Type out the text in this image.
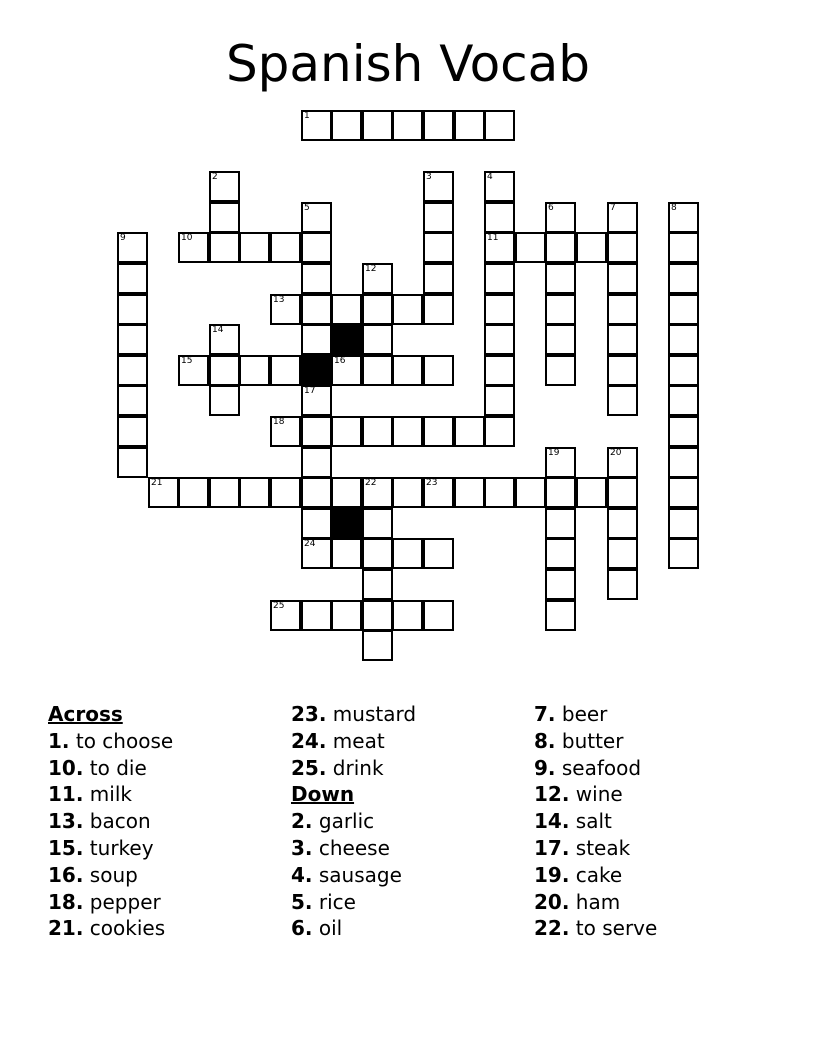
Spanish Vocab
1
10	11
13
15	16
18
21	22	23
24
25
2	3	4
5	6	7	8
9
12
14
17
19	20
Across
1. to choose
10. to die
11. milk
13. bacon
15. turkey
16. soup
18. pepper
21. cookies
23. mustard
24. meat
25. drink
Down
2. garlic
3. cheese
4. sausage
5. rice
6. oil
7. beer
8. butter
9. seafood
12. wine
14. salt
17. steak
19. cake
20. ham
22. to serve
